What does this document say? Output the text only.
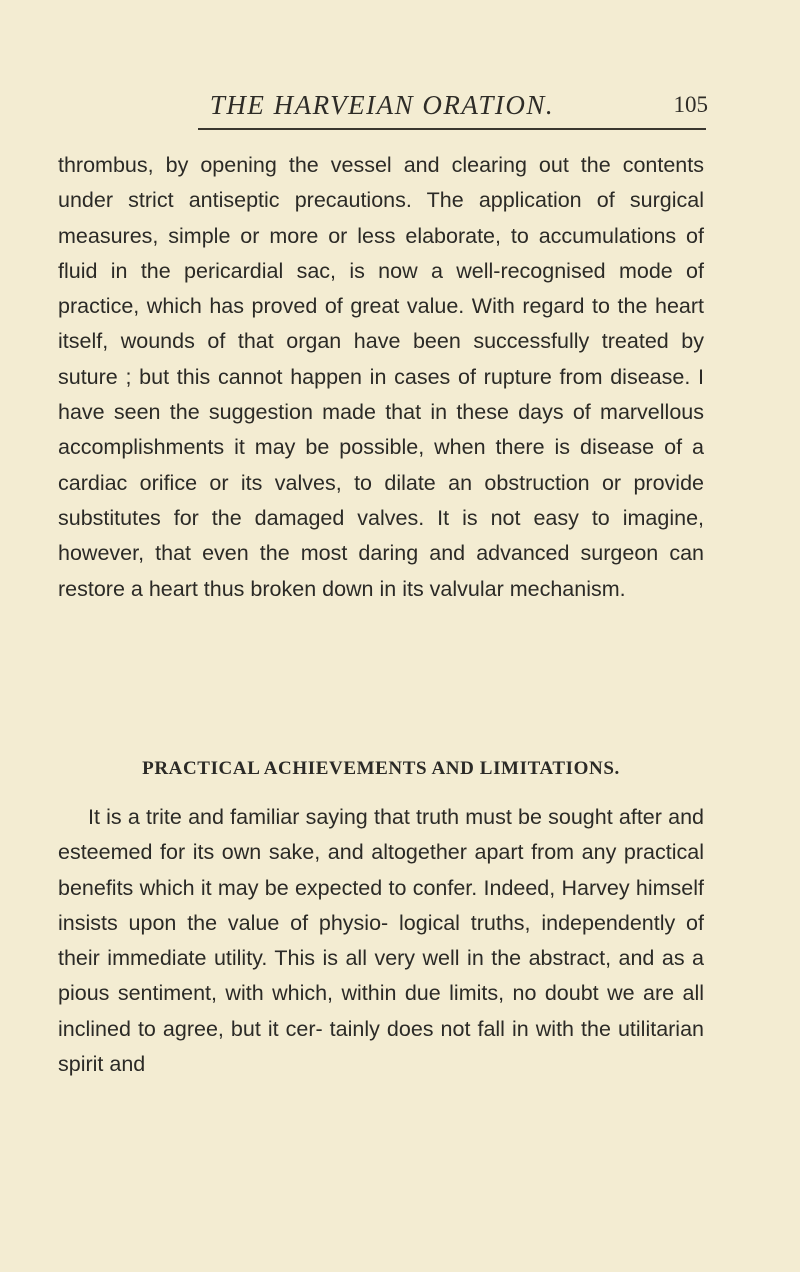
THE HARVEIAN ORATION.	105

thrombus, by opening the vessel and clearing out the contents under strict antiseptic precautions. The application of surgical measures, simple or more or less elaborate, to accumulations of fluid in the pericardial sac, is now a well-recognised mode of practice, which has proved of great value. With regard to the heart itself, wounds of that organ have been successfully treated by suture ; but this cannot happen in cases of rupture from disease. I have seen the suggestion made that in these days of marvellous accomplishments it may be possible, when there is disease of a cardiac orifice or its valves, to dilate an obstruction or provide substitutes for the damaged valves. It is not easy to imagine, however, that even the most daring and advanced surgeon can restore a heart thus broken down in its valvular mechanism.

PRACTICAL ACHIEVEMENTS AND LIMITATIONS.

It is a trite and familiar saying that truth must be sought after and esteemed for its own sake, and altogether apart from any practical benefits which it may be expected to confer. Indeed, Harvey himself insists upon the value of physio- logical truths, independently of their immediate utility. This is all very well in the abstract, and as a pious sentiment, with which, within due limits, no doubt we are all inclined to agree, but it cer- tainly does not fall in with the utilitarian spirit and
